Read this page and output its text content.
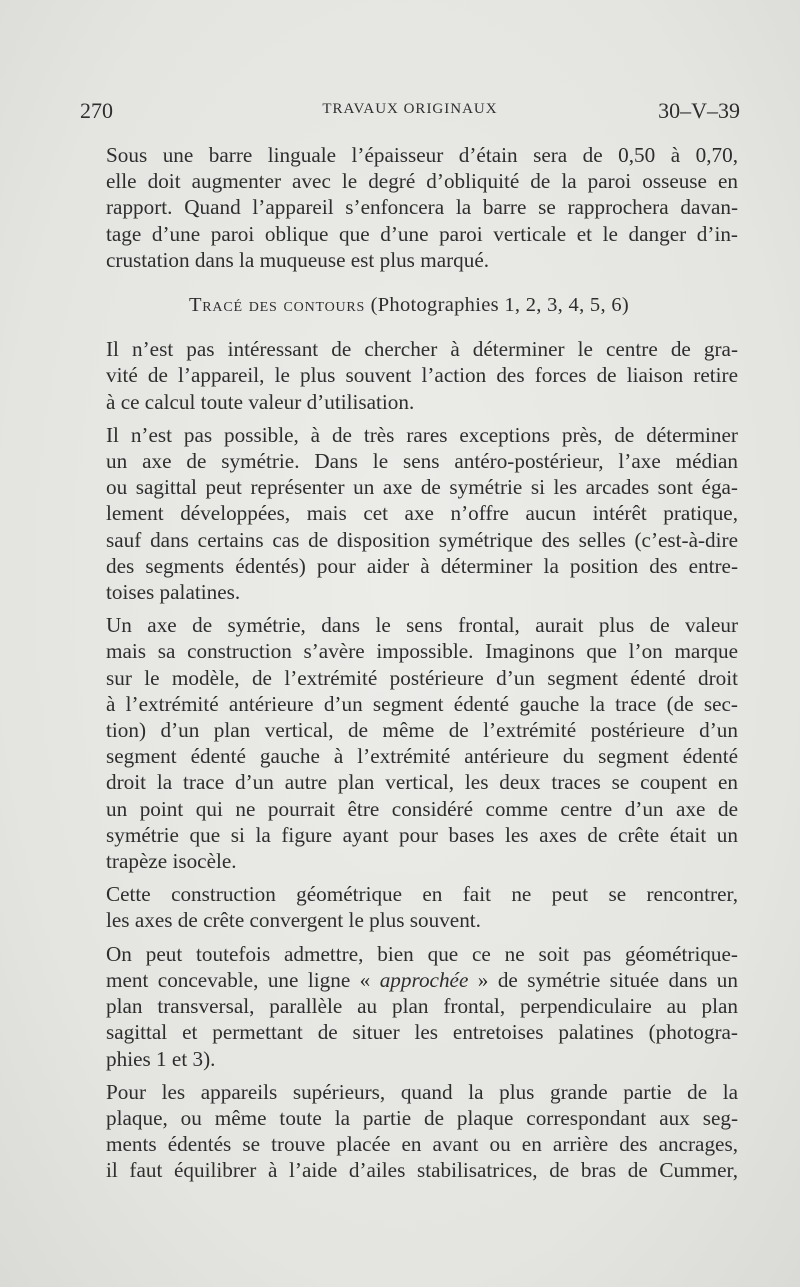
270	TRAVAUX ORIGINAUX	30–V–39

Sous une barre linguale l’épaisseur d’étain sera de 0,50 à 0,70,
elle doit augmenter avec le degré d’obliquité de la paroi osseuse en
rapport. Quand l’appareil s’enfoncera la barre se rapprochera davan-
tage d’une paroi oblique que d’une paroi verticale et le danger d’in-
crustation dans la muqueuse est plus marqué.

Tracé des contours (Photographies 1, 2, 3, 4, 5, 6)

Il n’est pas intéressant de chercher à déterminer le centre de gra-
vité de l’appareil, le plus souvent l’action des forces de liaison retire
à ce calcul toute valeur d’utilisation.

Il n’est pas possible, à de très rares exceptions près, de déterminer
un axe de symétrie. Dans le sens antéro-postérieur, l’axe médian
ou sagittal peut représenter un axe de symétrie si les arcades sont éga-
lement développées, mais cet axe n’offre aucun intérêt pratique,
sauf dans certains cas de disposition symétrique des selles (c’est-à-dire
des segments édentés) pour aider à déterminer la position des entre-
toises palatines.

Un axe de symétrie, dans le sens frontal, aurait plus de valeur
mais sa construction s’avère impossible. Imaginons que l’on marque
sur le modèle, de l’extrémité postérieure d’un segment édenté droit
à l’extrémité antérieure d’un segment édenté gauche la trace (de sec-
tion) d’un plan vertical, de même de l’extrémité postérieure d’un
segment édenté gauche à l’extrémité antérieure du segment édenté
droit la trace d’un autre plan vertical, les deux traces se coupent en
un point qui ne pourrait être considéré comme centre d’un axe de
symétrie que si la figure ayant pour bases les axes de crête était un
trapèze isocèle.

Cette construction géométrique en fait ne peut se rencontrer,
les axes de crête convergent le plus souvent.

On peut toutefois admettre, bien que ce ne soit pas géométrique-
ment concevable, une ligne « approchée » de symétrie située dans un
plan transversal, parallèle au plan frontal, perpendiculaire au plan
sagittal et permettant de situer les entretoises palatines (photogra-
phies 1 et 3).

Pour les appareils supérieurs, quand la plus grande partie de la
plaque, ou même toute la partie de plaque correspondant aux seg-
ments édentés se trouve placée en avant ou en arrière des ancrages,
il faut équilibrer à l’aide d’ailes stabilisatrices, de bras de Cummer,
